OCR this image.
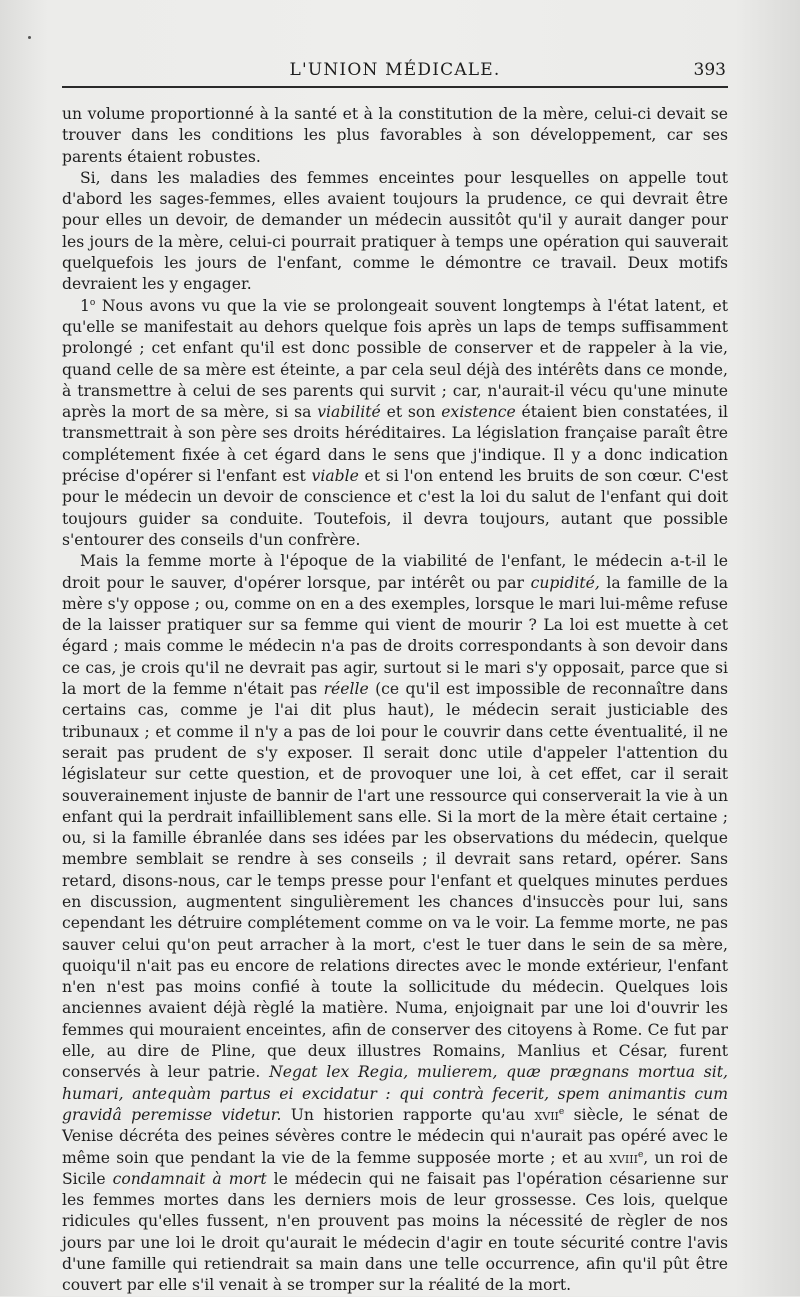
L'UNION MÉDICALE.	393

un volume proportionné à la santé et à la constitution de la mère, celui-ci devait se trouver dans les conditions les plus favorables à son développement, car ses parents étaient robustes.

Si, dans les maladies des femmes enceintes pour lesquelles on appelle tout d'abord les sages-femmes, elles avaient toujours la prudence, ce qui devrait être pour elles un devoir, de demander un médecin aussitôt qu'il y aurait danger pour les jours de la mère, celui-ci pourrait pratiquer à temps une opération qui sauverait quelquefois les jours de l'enfant, comme le démontre ce travail. Deux motifs devraient les y engager.

1$^o$ Nous avons vu que la vie se prolongeait souvent longtemps à l'état latent, et qu'elle se manifestait au dehors quelque fois après un laps de temps suffisamment prolongé ; cet enfant qu'il est donc possible de conserver et de rappeler à la vie, quand celle de sa mère est éteinte, a par cela seul déjà des intérêts dans ce monde, à transmettre à celui de ses parents qui survit ; car, n'aurait-il vécu qu'une minute après la mort de sa mère, si sa viabilité et son existence étaient bien constatées, il transmettrait à son père ses droits héréditaires. La législation française paraît être complétement fixée à cet égard dans le sens que j'indique. Il y a donc indication précise d'opérer si l'enfant est viable et si l'on entend les bruits de son cœur. C'est pour le médecin un devoir de conscience et c'est la loi du salut de l'enfant qui doit toujours guider sa conduite. Toutefois, il devra toujours, autant que possible s'entourer des conseils d'un confrère.

Mais la femme morte à l'époque de la viabilité de l'enfant, le médecin a-t-il le droit pour le sauver, d'opérer lorsque, par intérêt ou par cupidité, la famille de la mère s'y oppose ; ou, comme on en a des exemples, lorsque le mari lui-même refuse de la laisser pratiquer sur sa femme qui vient de mourir ? La loi est muette à cet égard ; mais comme le médecin n'a pas de droits correspondants à son devoir dans ce cas, je crois qu'il ne devrait pas agir, surtout si le mari s'y opposait, parce que si la mort de la femme n'était pas réelle (ce qu'il est impossible de reconnaître dans certains cas, comme je l'ai dit plus haut), le médecin serait justiciable des tribunaux ; et comme il n'y a pas de loi pour le couvrir dans cette éventualité, il ne serait pas prudent de s'y exposer. Il serait donc utile d'appeler l'attention du législateur sur cette question, et de provoquer une loi, à cet effet, car il serait souverainement injuste de bannir de l'art une ressource qui conserverait la vie à un enfant qui la perdrait infailliblement sans elle. Si la mort de la mère était certaine ; ou, si la famille ébranlée dans ses idées par les observations du médecin, quelque membre semblait se rendre à ses conseils ; il devrait sans retard, opérer. Sans retard, disons-nous, car le temps presse pour l'enfant et quelques minutes perdues en discussion, augmentent singulièrement les chances d'insuccès pour lui, sans cependant les détruire complétement comme on va le voir. La femme morte, ne pas sauver celui qu'on peut arracher à la mort, c'est le tuer dans le sein de sa mère, quoiqu'il n'ait pas eu encore de relations directes avec le monde extérieur, l'enfant n'en n'est pas moins confié à toute la sollicitude du médecin. Quelques lois anciennes avaient déjà règlé la matière. Numa, enjoignait par une loi d'ouvrir les femmes qui mouraient enceintes, afin de conserver des citoyens à Rome. Ce fut par elle, au dire de Pline, que deux illustres Romains, Manlius et César, furent conservés à leur patrie. Negat lex Regia, mulierem, quæ prægnans mortua sit, humari, antequàm partus ei excidatur : qui contrà fecerit, spem animantis cum gravidâ peremisse videtur. Un historien rapporte qu'au xvii$^e$ siècle, le sénat de Venise décréta des peines sévères contre le médecin qui n'aurait pas opéré avec le même soin que pendant la vie de la femme supposée morte ; et au xviii$^e$, un roi de Sicile condamnait à mort le médecin qui ne faisait pas l'opération césarienne sur les femmes mortes dans les derniers mois de leur grossesse. Ces lois, quelque ridicules qu'elles fussent, n'en prouvent pas moins la nécessité de règler de nos jours par une loi le droit qu'aurait le médecin d'agir en toute sécurité contre l'avis d'une famille qui retiendrait sa main dans une telle occurrence, afin qu'il pût être couvert par elle s'il venait à se tromper sur la réalité de la mort.
